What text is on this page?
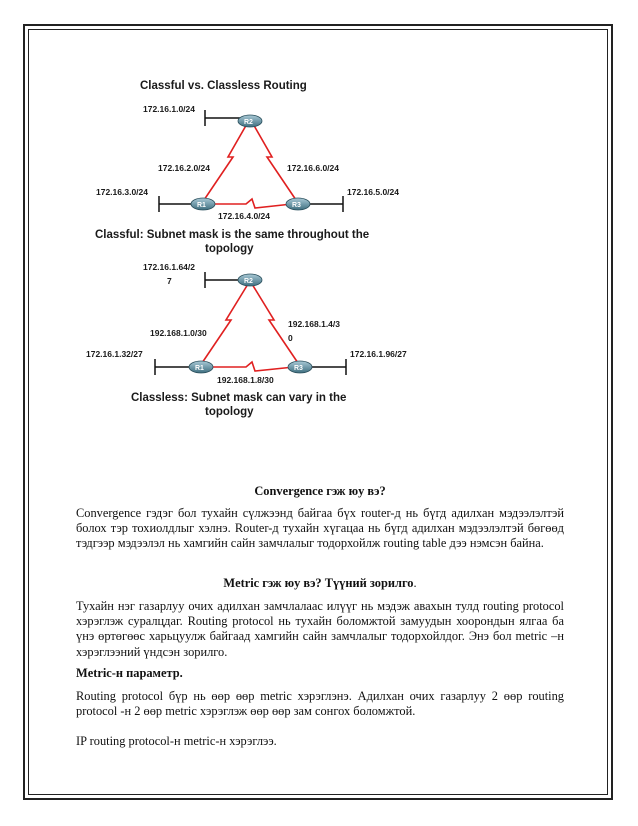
Classful vs. Classless Routing
R2
R1	R3
172.16.1.0/24
172.16.2.0/24	172.16.6.0/24
172.16.3.0/24	172.16.5.0/24
172.16.4.0/24
Classful: Subnet mask is the same throughout the
topology
R2
R1	R3
172.16.1.64/2
7
192.168.1.0/30
192.168.1.4/3
0
172.16.1.32/27	172.16.1.96/27
192.168.1.8/30
Classless: Subnet mask can vary in the
topology
Convergence гэж юу вэ?
Convergence гэдэг бол тухайн сүлжээнд байгаа бүх router-д нь бүгд адилхан мэдээлэлтэй болох тэр тохиолдлыг хэлнэ. Router-д тухайн хүгацаа нь бүгд адилхан мэдээлэлтэй бөгөөд тэдгээр мэдээлэл нь хамгийн сайн замчлалыг тодорхойлж routing table дээ нэмсэн байна.
Metric гэж юу вэ? Түүний зорилго.
Тухайн нэг газарлуу очих адилхан замчлалаас илүүг нь мэдэж авахын тулд routing protocol хэрэглэж суралцдаг. Routing protocol нь тухайн боломжтой замуудын хоорондын ялгаа ба үнэ өртөгөөс харьцуулж байгаад хамгийн сайн замчлалыг тодорхойлдог. Энэ бол metric –н хэрэглээний үндсэн зорилго.
Metric-н параметр.
Routing protocol бүр нь өөр өөр metric хэрэглэнэ. Адилхан очих газарлуу 2 өөр routing protocol -н 2 өөр metric хэрэглэж өөр өөр зам сонгох боломжтой.
IP routing protocol-н metric-н хэрэглээ.
